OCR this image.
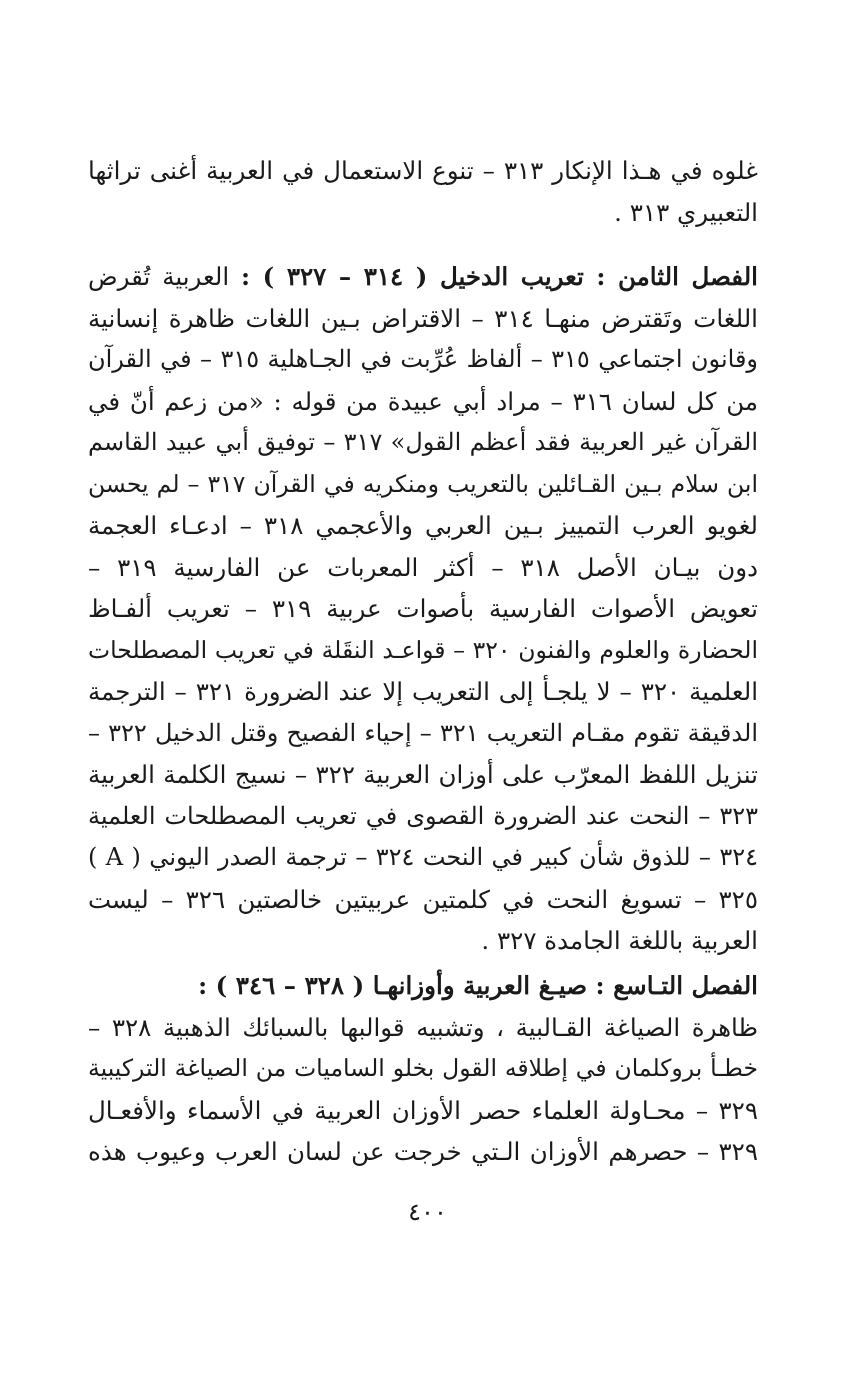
غلوه في هـذا الإنكار ٣١٣ – تنوع الاستعمال في العربية أغنى تراثها
التعبيري ٣١٣ .
الفصل الثامن : تعريب الدخيل ( ٣١٤ – ٣٢٧ ) : العربية تُقرض
اللغات وتَقترض منهـا ٣١٤ – الاقتراض بـين اللغات ظاهرة إنسانية
وقانون اجتماعي ٣١٥ – ألفاظ عُرِّبت في الجـاهلية ٣١٥ – في القرآن
من كل لسان ٣١٦ – مراد أبي عبيدة من قوله : «من زعم أنّ في
القرآن غير العربية فقد أعظم القول» ٣١٧ – توفيق أبي عبيد القاسم
ابن سلام بـين القـائلين بالتعريب ومنكريه في القرآن ٣١٧ – لم يحسن
لغويو العرب التمييز بـين العربي والأعجمي ٣١٨ – ادعـاء العجمة
دون بيـان الأصل ٣١٨ – أكثر المعربات عن الفارسية ٣١٩ –
تعويض الأصوات الفارسية بأصوات عربية ٣١٩ – تعريب ألفـاظ
الحضارة والعلوم والفنون ٣٢٠ – قواعـد النقَلة في تعريب المصطلحات
العلمية ٣٢٠ – لا يلجـأ إلى التعريب إلا عند الضرورة ٣٢١ – الترجمة
الدقيقة تقوم مقـام التعريب ٣٢١ – إحياء الفصيح وقتل الدخيل ٣٢٢ –
تنزيل اللفظ المعرّب على أوزان العربية ٣٢٢ – نسيج الكلمة العربية
٣٢٣ – النحت عند الضرورة القصوى في تعريب المصطلحات العلمية
٣٢٤ – للذوق شأن كبير في النحت ٣٢٤ – ترجمة الصدر اليوني ( A )
٣٢٥ – تسويغ النحت في كلمتين عربيتين خالصتين ٣٢٦ – ليست
العربية باللغة الجامدة ٣٢٧ .
الفصل التـاسع : صيـغ العربية وأوزانهـا ( ٣٢٨ – ٣٤٦ ) :
ظاهرة الصياغة القـالبية ، وتشبيه قوالبها بالسبائك الذهبية ٣٢٨ –
خطـأ بروكلمان في إطلاقه القول بخلو الساميات من الصياغة التركيبية
٣٢٩ – محـاولة العلماء حصر الأوزان العربية في الأسماء والأفعـال
٣٢٩ – حصرهم الأوزان الـتي خرجت عن لسان العرب وعيوب هذه
٤٠٠
